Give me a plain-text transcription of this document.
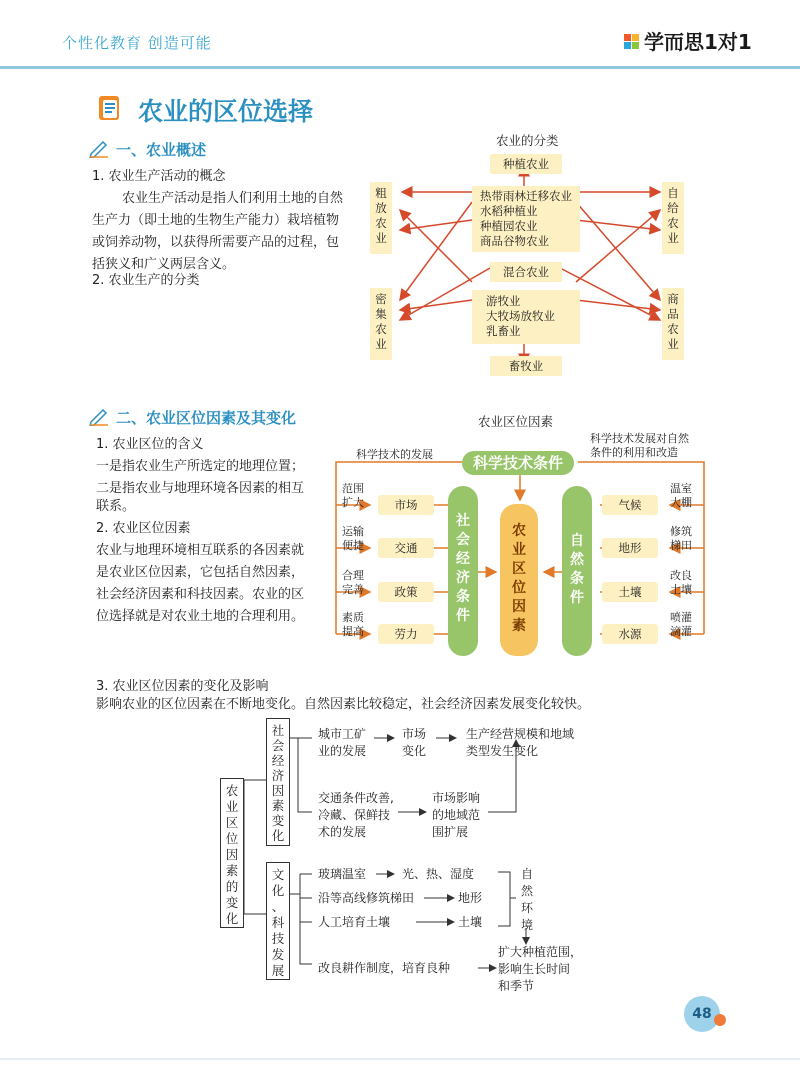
个性化教育 创造可能	学而思1对1
农业的区位选择
一、农业概述
1. 农业生产活动的概念
农业生产活动是指人们利用土地的自然
生产力（即土地的生物生产能力）栽培植物
或饲养动物，以获得所需要产品的过程，包
括狭义和广义两层含义。
2. 农业生产的分类
农业的分类
种植农业
热带雨林迁移农业
水稻种植业
种植园农业
商品谷物农业
混合农业
游牧业
大牧场放牧业
乳畜业
畜牧业
粗
放
农
业
密
集
农
业
自
给
农
业
商
品
农
业
二、农业区位因素及其变化
1. 农业区位的含义
一是指农业生产所选定的地理位置；
二是指农业与地理环境各因素的相互
联系。
2. 农业区位因素
农业与地理环境相互联系的各因素就
是农业区位因素，它包括自然因素，
社会经济因素和科技因素。农业的区
位选择就是对农业土地的合理利用。
农业区位因素
科学技术条件
科学技术的发展
科学技术发展对自然
条件的利用和改造
社
会
经
济
条
件
农
业
区
位
因
素
自
然
条
件
范围
扩大	市场
运输
便捷	交通
合理
完善	政策
素质
提高	劳力
气候
温室
大棚
地形
修筑
梯田
土壤
改良
土壤
水源
喷灌
滴灌
3. 农业区位因素的变化及影响
影响农业的区位因素在不断地变化。自然因素比较稳定，社会经济因素发展变化较快。
农
业
区
位
因
素
的
变
化
社
会
经
济
因
素
变
化
文
化
、
科
技
发
展
城市工矿
业的发展
市场
变化
生产经营规模和地域
类型发生变化
交通条件改善,
冷藏、保鲜技
术的发展
市场影响
的地域范
围扩展
玻璃温室	光、热、湿度
沿等高线修筑梯田	地形
人工培育土壤	土壤
自
然
环
境
改良耕作制度，培育良种
扩大种植范围，
影响生长时间
和季节
48
